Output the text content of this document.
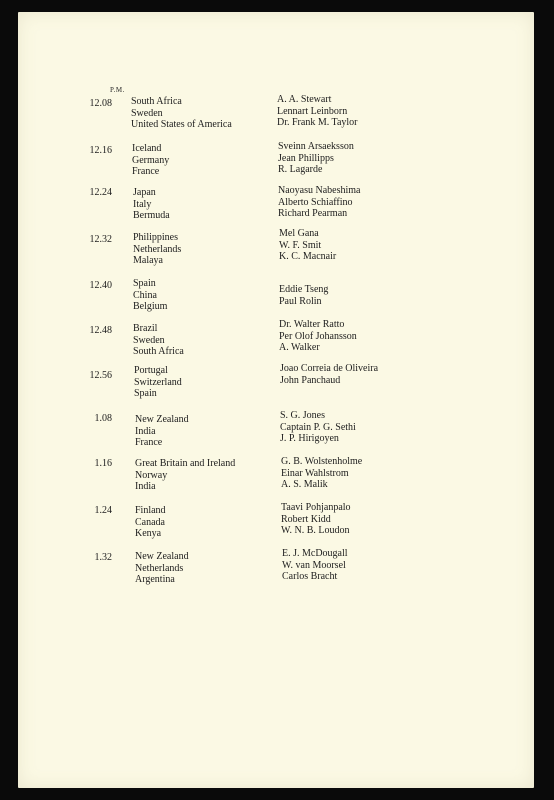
P.M.
12.08 South Africa
Sweden
United States of America
A. A. Stewart
Lennart Leinborn
Dr. Frank M. Taylor
12.16 Iceland
Germany
France
Sveinn Arsaeksson
Jean Phillipps
R. Lagarde
12.24 Japan
Italy
Bermuda
Naoyasu Nabeshima
Alberto Schiaffino
Richard Pearman
12.32 Philippines
Netherlands
Malaya
Mel Gana
W. F. Smit
K. C. Macnair
12.40 Spain
China
Belgium
Eddie Tseng
Paul Rolin
12.48 Brazil
Sweden
South Africa
Dr. Walter Ratto
Per Olof Johansson
A. Walker
12.56 Portugal
Switzerland
Spain
Joao Correia de Oliveira
John Panchaud
1.08 New Zealand
India
France
S. G. Jones
Captain P. G. Sethi
J. P. Hirigoyen
1.16 Great Britain and Ireland
Norway
India
G. B. Wolstenholme
Einar Wahlstrom
A. S. Malik
1.24 Finland
Canada
Kenya
Taavi Pohjanpalo
Robert Kidd
W. N. B. Loudon
1.32 New Zealand
Netherlands
Argentina
E. J. McDougall
W. van Moorsel
Carlos Bracht
